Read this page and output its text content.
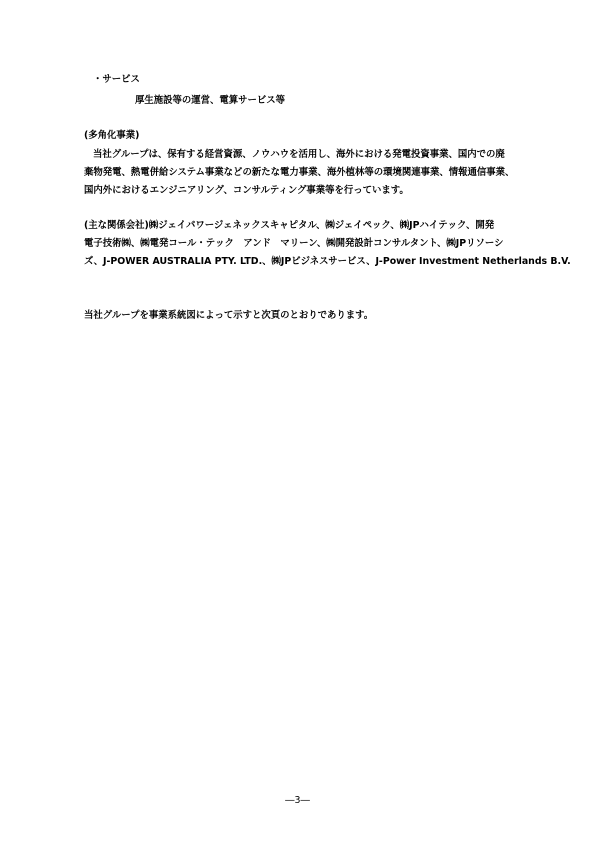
・サービス
厚生施設等の運営、電算サービス等
(多角化事業)
当社グループは、保有する経営資源、ノウハウを活用し、海外における発電投資事業、国内での廃
棄物発電、熱電併給システム事業などの新たな電力事業、海外植林等の環境関連事業、情報通信事業、
国内外におけるエンジニアリング、コンサルティング事業等を行っています。
(主な関係会社)㈱ジェイパワージェネックスキャピタル、㈱ジェイペック、㈱JPハイテック、開発
電子技術㈱、㈱電発コール・テック　アンド　マリーン、㈱開発設計コンサルタント、㈱JPリソーシ
ズ、J-POWER AUSTRALIA PTY. LTD.、㈱JPビジネスサービス、J-Power Investment Netherlands B.V.
当社グループを事業系統図によって示すと次頁のとおりであります。
―3―
